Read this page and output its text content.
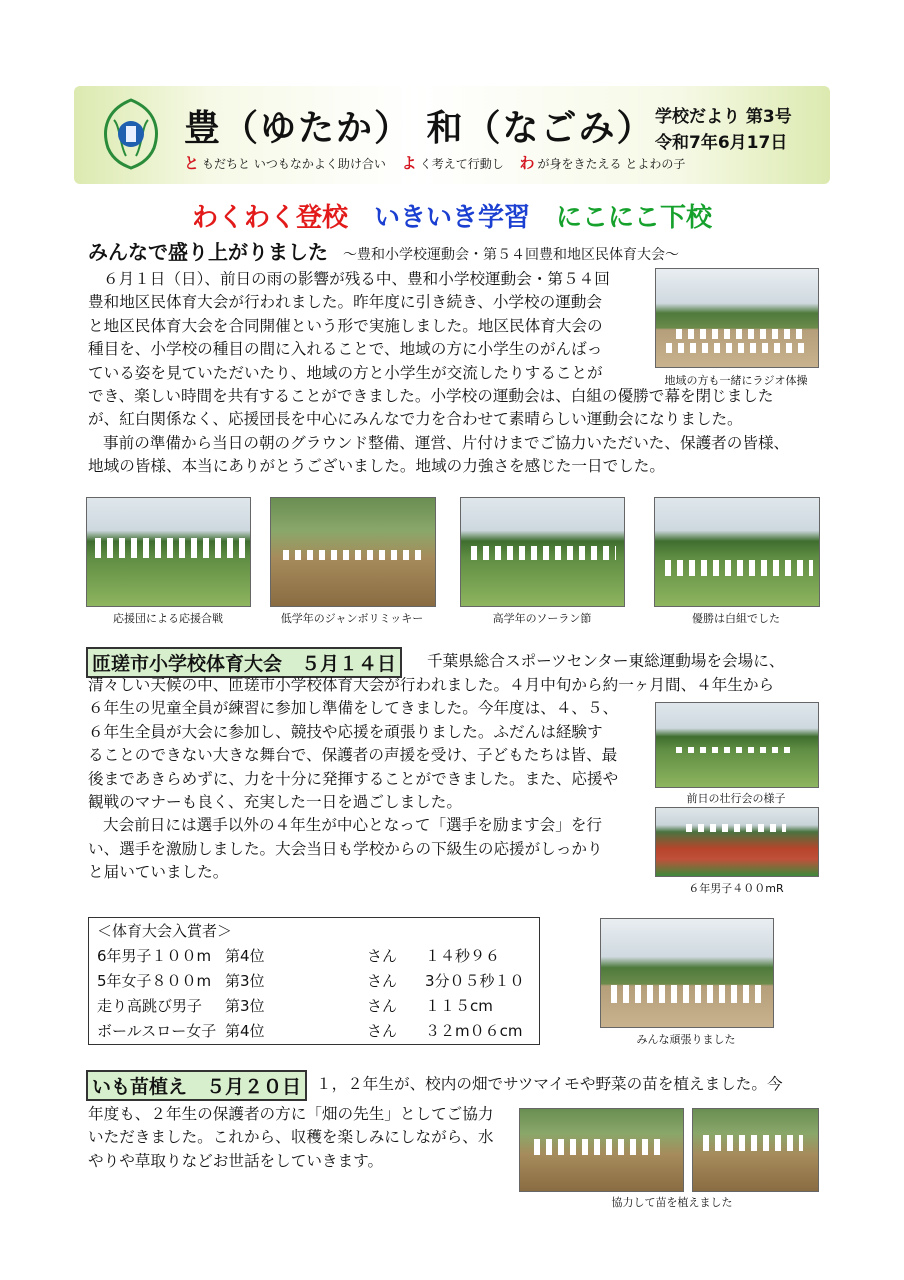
豊（ゆたか） 和（なごみ） 学校だより 第3号
令和7年6月17日
と もだちと いつもなかよく助け合い よ く考えて行動し わ が身をきたえる とよわの子
わくわく登校 いきいき学習 にこにこ下校
みんなで盛り上がりました ～豊和小学校運動会・第５４回豊和地区民体育大会～
地域の方も一緒にラジオ体操
６月１日（日）、前日の雨の影響が残る中、豊和小学校運動会・第５４回
豊和地区民体育大会が行われました。昨年度に引き続き、小学校の運動会
と地区民体育大会を合同開催という形で実施しました。地区民体育大会の
種目を、小学校の種目の間に入れることで、地域の方に小学生のがんばっ
ている姿を見ていただいたり、地域の方と小学生が交流したりすることが
でき、楽しい時間を共有することができました。小学校の運動会は、白組の優勝で幕を閉じました
が、紅白関係なく、応援団長を中心にみんなで力を合わせて素晴らしい運動会になりました。
事前の準備から当日の朝のグラウンド整備、運営、片付けまでご協力いただいた、保護者の皆様、
地域の皆様、本当にありがとうございました。地域の力強さを感じた一日でした。
応援団による応援合戦	低学年のジャンボリミッキー	高学年のソーラン節	優勝は白組でした
匝瑳市小学校体育大会　５月１４日	千葉県総合スポーツセンター東総運動場を会場に、
清々しい天候の中、匝瑳市小学校体育大会が行われました。４月中旬から約一ヶ月間、４年生から
６年生の児童全員が練習に参加し準備をしてきました。今年度は、４、５、
６年生全員が大会に参加し、競技や応援を頑張りました。ふだんは経験す
ることのできない大きな舞台で、保護者の声援を受け、子どもたちは皆、最
後まであきらめずに、力を十分に発揮することができました。また、応援や
観戦のマナーも良く、充実した一日を過ごしました。
大会前日には選手以外の４年生が中心となって「選手を励ます会」を行
い、選手を激励しました。大会当日も学校からの下級生の応援がしっかり
と届いていました。
前日の壮行会の様子
６年男子４００mR
＜体育大会入賞者＞
6年男子１００m 第4位	さん １４秒９６
5年女子８００m 第3位	さん 3分０５秒１０
走り高跳び男子 第3位	さん １１５cm
ボールスロー女子 第4位	さん ３２m０６cm	みんな頑張りました
いも苗植え　５月２０日 １，２年生が、校内の畑でサツマイモや野菜の苗を植えました。今
年度も、２年生の保護者の方に「畑の先生」としてご協力
いただきました。これから、収穫を楽しみにしながら、水
やりや草取りなどお世話をしていきます。
協力して苗を植えました
